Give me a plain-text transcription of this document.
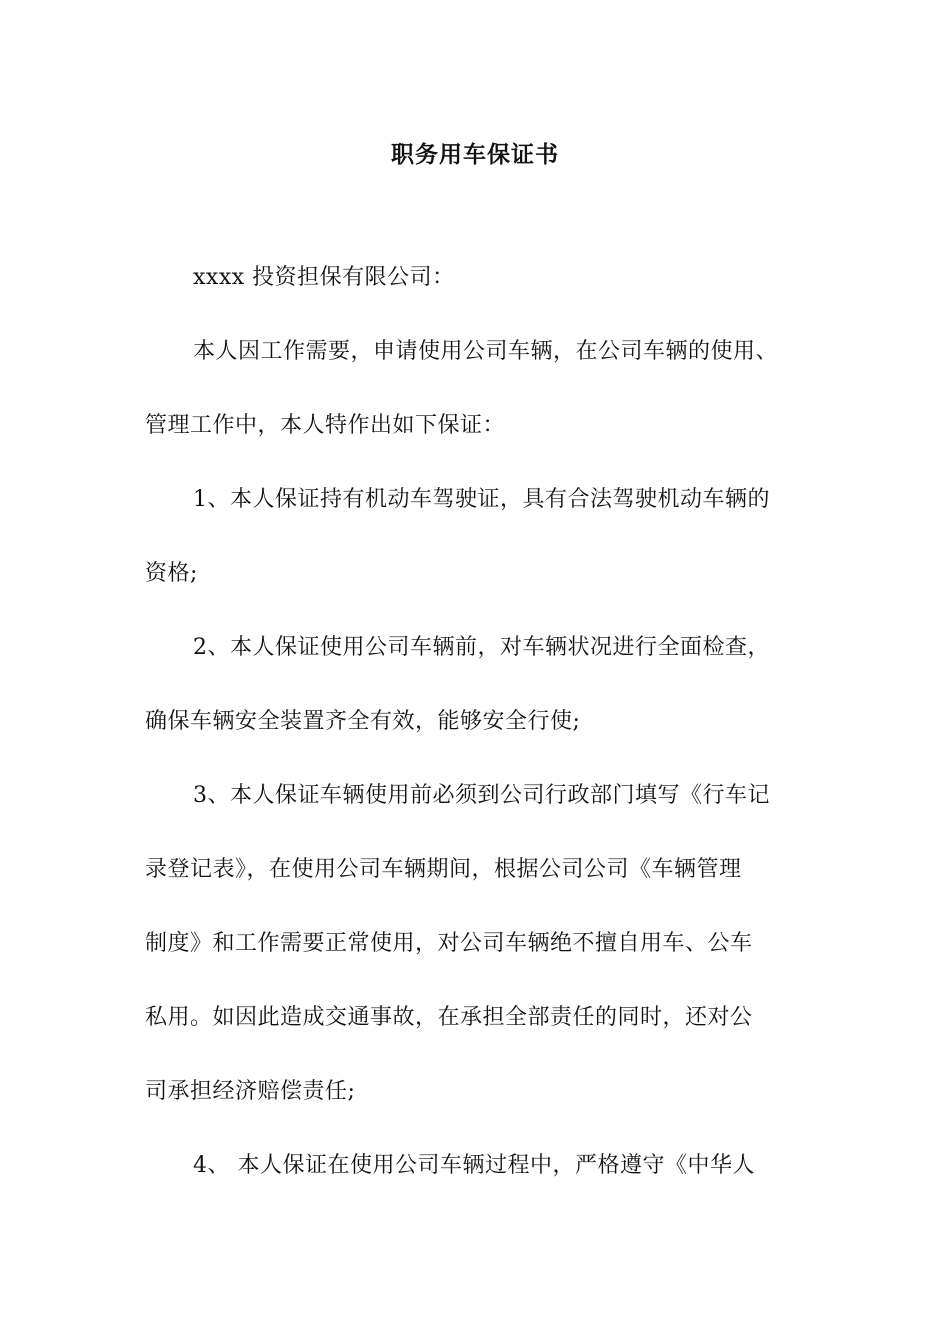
职务用车保证书
xxxx 投资担保有限公司：
本人因工作需要，申请使用公司车辆，在公司车辆的使用、
管理工作中，本人特作出如下保证：
1、本人保证持有机动车驾驶证，具有合法驾驶机动车辆的
资格;
2、本人保证使用公司车辆前，对车辆状况进行全面检查，
确保车辆安全装置齐全有效，能够安全行使;
3、本人保证车辆使用前必须到公司行政部门填写《行车记
录登记表》，在使用公司车辆期间，根据公司公司《车辆管理
制度》和工作需要正常使用，对公司车辆绝不擅自用车、公车
私用。如因此造成交通事故，在承担全部责任的同时，还对公
司承担经济赔偿责任;
4、 本人保证在使用公司车辆过程中，严格遵守《中华人
